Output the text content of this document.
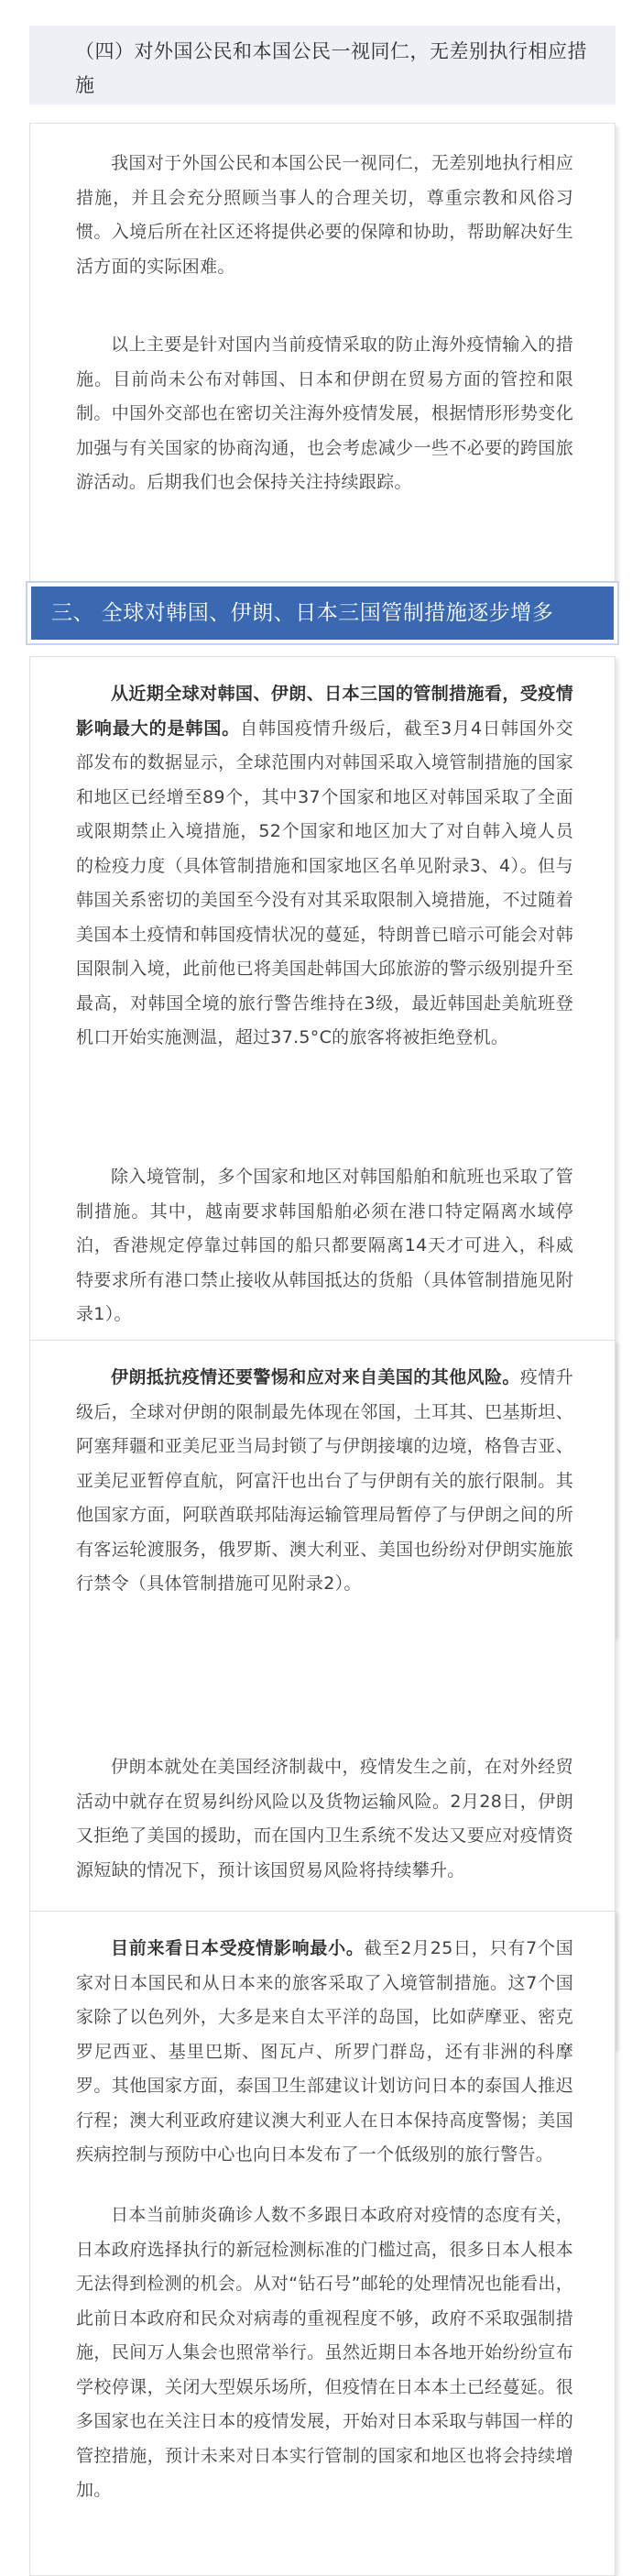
（四）对外国公民和本国公民一视同仁，无差别执行相应措施

我国对于外国公民和本国公民一视同仁，无差别地执行相应措施，并且会充分照顾当事人的合理关切，尊重宗教和风俗习惯。入境后所在社区还将提供必要的保障和协助，帮助解决好生活方面的实际困难。

以上主要是针对国内当前疫情采取的防止海外疫情输入的措施。目前尚未公布对韩国、日本和伊朗在贸易方面的管控和限制。中国外交部也在密切关注海外疫情发展，根据情形形势变化加强与有关国家的协商沟通，也会考虑减少一些不必要的跨国旅游活动。后期我们也会保持关注持续跟踪。

三、 全球对韩国、伊朗、日本三国管制措施逐步增多

从近期全球对韩国、伊朗、日本三国的管制措施看，受疫情影响最大的是韩国。自韩国疫情升级后，截至3月4日韩国外交部发布的数据显示，全球范围内对韩国采取入境管制措施的国家和地区已经增至89个，其中37个国家和地区对韩国采取了全面或限期禁止入境措施，52个国家和地区加大了对自韩入境人员的检疫力度（具体管制措施和国家地区名单见附录3、4）。但与韩国关系密切的美国至今没有对其采取限制入境措施，不过随着美国本土疫情和韩国疫情状况的蔓延，特朗普已暗示可能会对韩国限制入境，此前他已将美国赴韩国大邱旅游的警示级别提升至最高，对韩国全境的旅行警告维持在3级，最近韩国赴美航班登机口开始实施测温，超过37.5°C的旅客将被拒绝登机。

除入境管制，多个国家和地区对韩国船舶和航班也采取了管制措施。其中，越南要求韩国船舶必须在港口特定隔离水域停泊，香港规定停靠过韩国的船只都要隔离14天才可进入，科威特要求所有港口禁止接收从韩国抵达的货船（具体管制措施见附录1）。

伊朗抵抗疫情还要警惕和应对来自美国的其他风险。疫情升级后，全球对伊朗的限制最先体现在邻国，土耳其、巴基斯坦、阿塞拜疆和亚美尼亚当局封锁了与伊朗接壤的边境，格鲁吉亚、亚美尼亚暂停直航，阿富汗也出台了与伊朗有关的旅行限制。其他国家方面，阿联酋联邦陆海运输管理局暂停了与伊朗之间的所有客运轮渡服务，俄罗斯、澳大利亚、美国也纷纷对伊朗实施旅行禁令（具体管制措施可见附录2）。

伊朗本就处在美国经济制裁中，疫情发生之前，在对外经贸活动中就存在贸易纠纷风险以及货物运输风险。2月28日，伊朗又拒绝了美国的援助，而在国内卫生系统不发达又要应对疫情资源短缺的情况下，预计该国贸易风险将持续攀升。

目前来看日本受疫情影响最小。截至2月25日，只有7个国家对日本国民和从日本来的旅客采取了入境管制措施。这7个国家除了以色列外，大多是来自太平洋的岛国，比如萨摩亚、密克罗尼西亚、基里巴斯、图瓦卢、所罗门群岛，还有非洲的科摩罗。其他国家方面，泰国卫生部建议计划访问日本的泰国人推迟行程；澳大利亚政府建议澳大利亚人在日本保持高度警惕；美国疾病控制与预防中心也向日本发布了一个低级别的旅行警告。

日本当前肺炎确诊人数不多跟日本政府对疫情的态度有关，日本政府选择执行的新冠检测标准的门槛过高，很多日本人根本无法得到检测的机会。从对“钻石号”邮轮的处理情况也能看出，此前日本政府和民众对病毒的重视程度不够，政府不采取强制措施，民间万人集会也照常举行。虽然近期日本各地开始纷纷宣布学校停课，关闭大型娱乐场所，但疫情在日本本土已经蔓延。很多国家也在关注日本的疫情发展，开始对日本采取与韩国一样的管控措施，预计未来对日本实行管制的国家和地区也将会持续增加。
